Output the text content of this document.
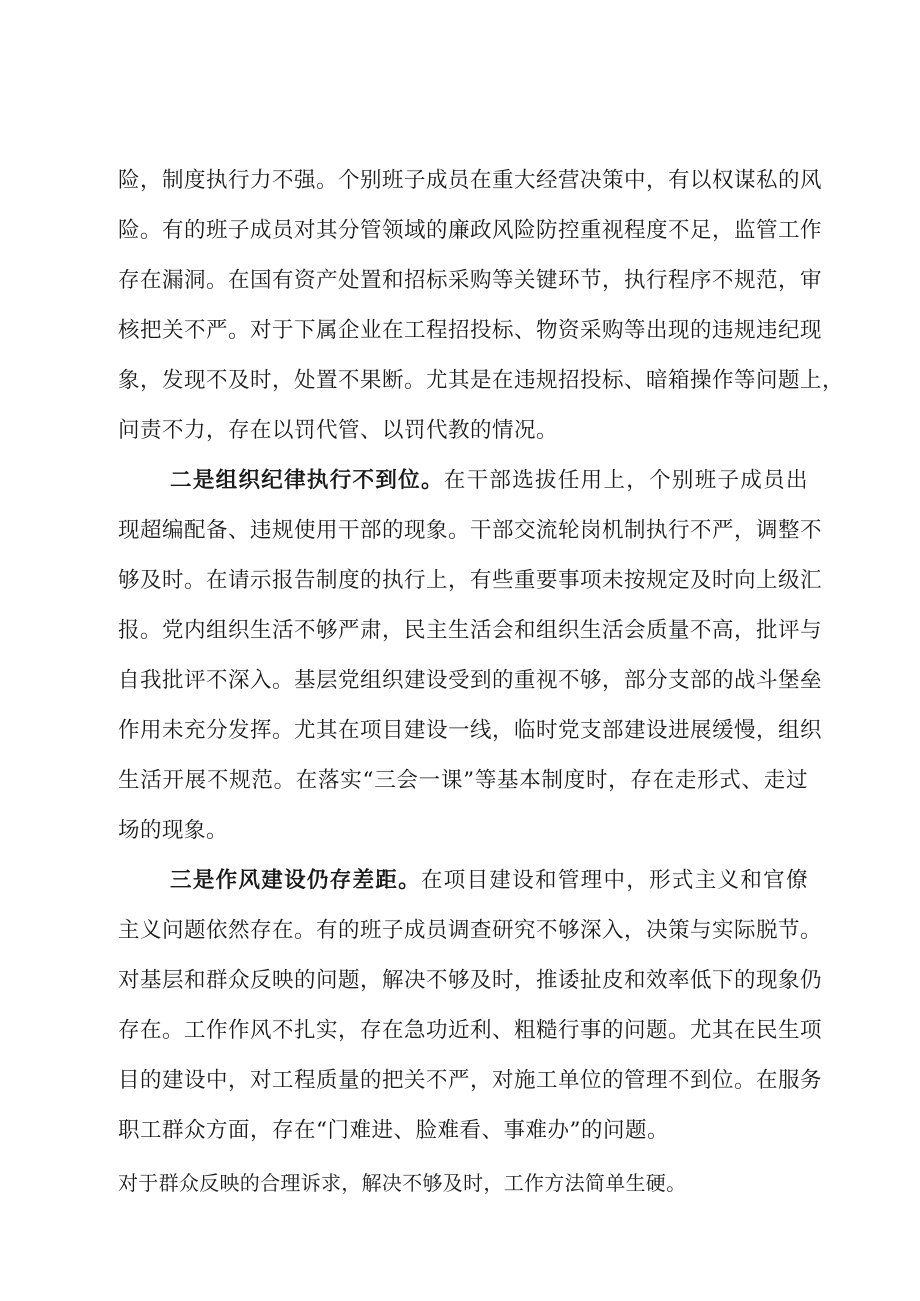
险，制度执行力不强。个别班子成员在重大经营决策中，有以权谋私的风
险。有的班子成员对其分管领域的廉政风险防控重视程度不足，监管工作
存在漏洞。在国有资产处置和招标采购等关键环节，执行程序不规范，审
核把关不严。对于下属企业在工程招投标、物资采购等出现的违规违纪现
象，发现不及时，处置不果断。尤其是在违规招投标、暗箱操作等问题上，
问责不力，存在以罚代管、以罚代教的情况。
二是组织纪律执行不到位。在干部选拔任用上，个别班子成员出
现超编配备、违规使用干部的现象。干部交流轮岗机制执行不严，调整不
够及时。在请示报告制度的执行上，有些重要事项未按规定及时向上级汇
报。党内组织生活不够严肃，民主生活会和组织生活会质量不高，批评与
自我批评不深入。基层党组织建设受到的重视不够，部分支部的战斗堡垒
作用未充分发挥。尤其在项目建设一线，临时党支部建设进展缓慢，组织
生活开展不规范。在落实“三会一课”等基本制度时，存在走形式、走过
场的现象。
三是作风建设仍存差距。在项目建设和管理中，形式主义和官僚
主义问题依然存在。有的班子成员调查研究不够深入，决策与实际脱节。
对基层和群众反映的问题，解决不够及时，推诿扯皮和效率低下的现象仍
存在。工作作风不扎实，存在急功近利、粗糙行事的问题。尤其在民生项
目的建设中，对工程质量的把关不严，对施工单位的管理不到位。在服务
职工群众方面，存在“门难进、脸难看、事难办”的问题。
对于群众反映的合理诉求，解决不够及时，工作方法简单生硬。
